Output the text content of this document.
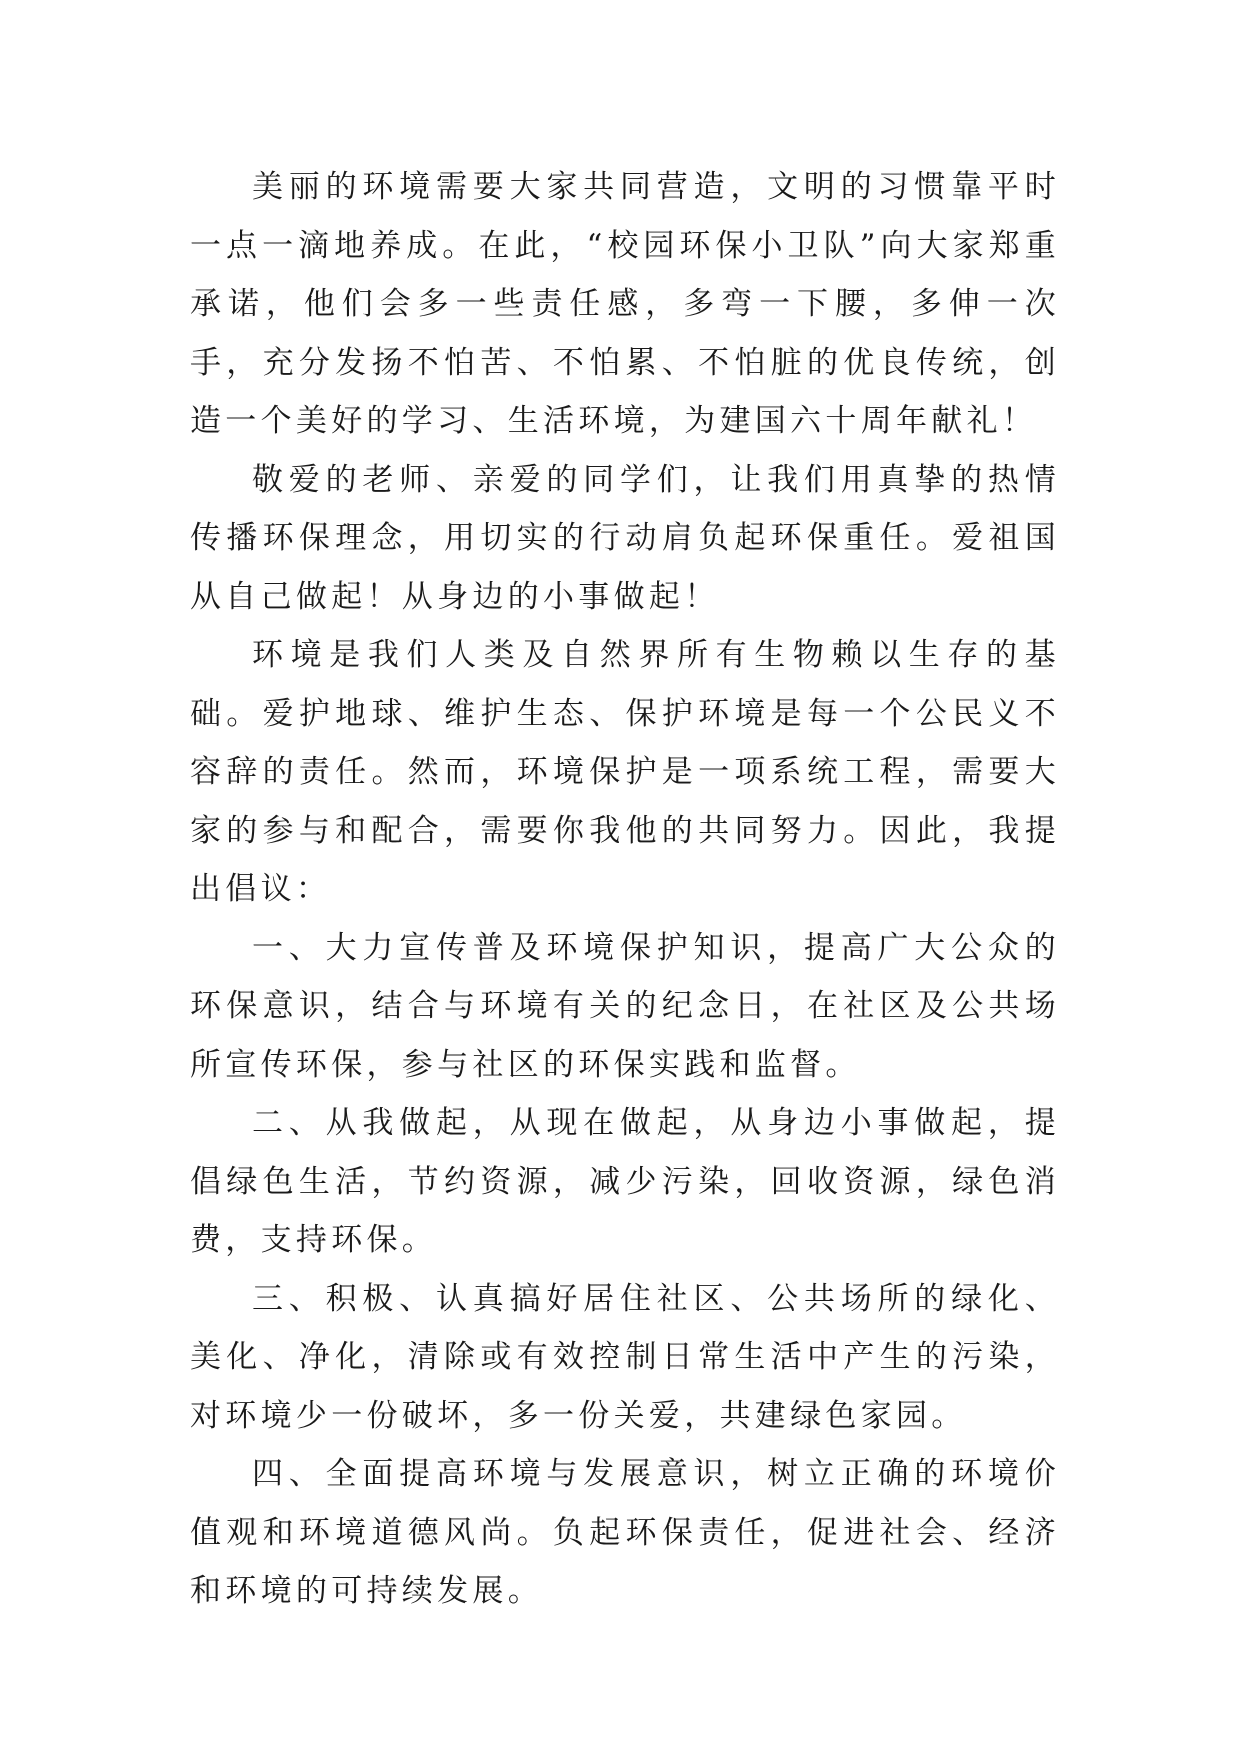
美丽的环境需要大家共同营造，文明的习惯靠平时一点一滴地养成。在此，“校园环保小卫队”向大家郑重承诺，他们会多一些责任感，多弯一下腰，多伸一次手，充分发扬不怕苦、不怕累、不怕脏的优良传统，创造一个美好的学习、生活环境，为建国六十周年献礼！

敬爱的老师、亲爱的同学们，让我们用真挚的热情传播环保理念，用切实的行动肩负起环保重任。爱祖国从自己做起！从身边的小事做起！

环境是我们人类及自然界所有生物赖以生存的基础。爱护地球、维护生态、保护环境是每一个公民义不容辞的责任。然而，环境保护是一项系统工程，需要大家的参与和配合，需要你我他的共同努力。因此，我提出倡议：

一、大力宣传普及环境保护知识，提高广大公众的环保意识，结合与环境有关的纪念日，在社区及公共场所宣传环保，参与社区的环保实践和监督。

二、从我做起，从现在做起，从身边小事做起，提倡绿色生活，节约资源，减少污染，回收资源，绿色消费，支持环保。

三、积极、认真搞好居住社区、公共场所的绿化、美化、净化，清除或有效控制日常生活中产生的污染，对环境少一份破坏，多一份关爱，共建绿色家园。

四、全面提高环境与发展意识，树立正确的环境价值观和环境道德风尚。负起环保责任，促进社会、经济和环境的可持续发展。
